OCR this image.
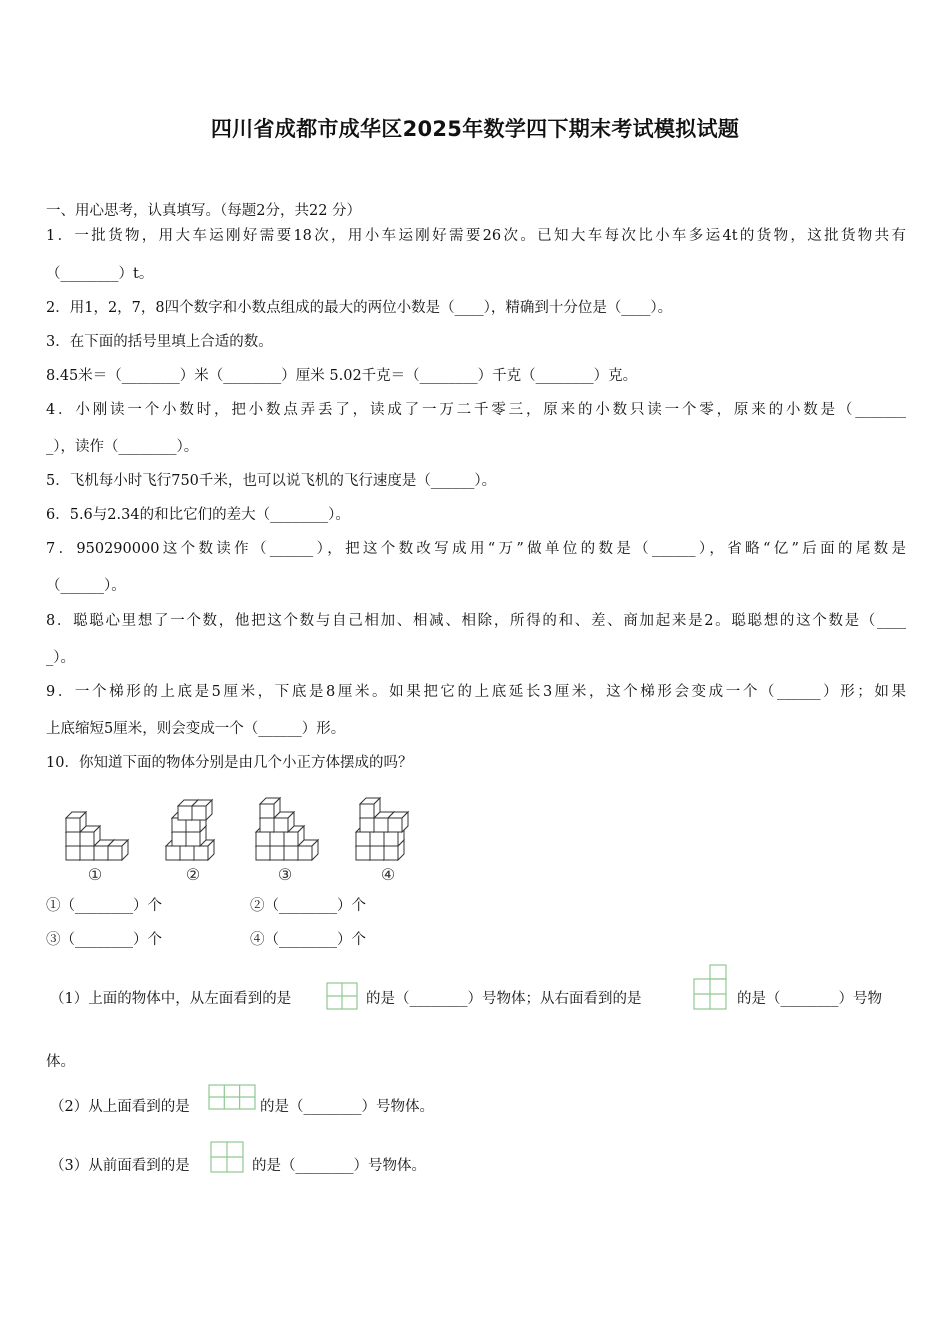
四川省成都市成华区2025年数学四下期末考试模拟试题
一、用心思考，认真填写。（每题2分，共22 分）
1．一批货物，用大车运刚好需要18次，用小车运刚好需要26次。已知大车每次比小车多运4t的货物，这批货物共有
（________）t。
2．用1，2，7，8四个数字和小数点组成的最大的两位小数是（____），精确到十分位是（____）。
3．在下面的括号里填上合适的数。
8.45米＝（________）米（________）厘米 5.02千克＝（________）千克（________）克。
4．小刚读一个小数时，把小数点弄丢了，读成了一万二千零三，原来的小数只读一个零，原来的小数是（_______
_），读作（________）。
5．飞机每小时飞行750千米，也可以说飞机的飞行速度是（______）。
6．5.6与2.34的和比它们的差大（________）。
7．950290000这个数读作（______），把这个数改写成用“万”做单位的数是（______），省略“亿”后面的尾数是
（______）。
8．聪聪心里想了一个数，他把这个数与自己相加、相减、相除，所得的和、差、商加起来是2。聪聪想的这个数是（____
_）。
9．一个梯形的上底是5厘米，下底是8厘米。如果把它的上底延长3厘米，这个梯形会变成一个（______）形；如果
上底缩短5厘米，则会变成一个（______）形。
10．你知道下面的物体分别是由几个小正方体摆成的吗？
①	②	③	④
①（________）个	②（________）个
③（________）个	④（________）个
（1）上面的物体中，从左面看到的是	的是（________）号物体；从右面看到的是	的是（________）号物
体。
（2）从上面看到的是	的是（________）号物体。
（3）从前面看到的是	的是（________）号物体。
